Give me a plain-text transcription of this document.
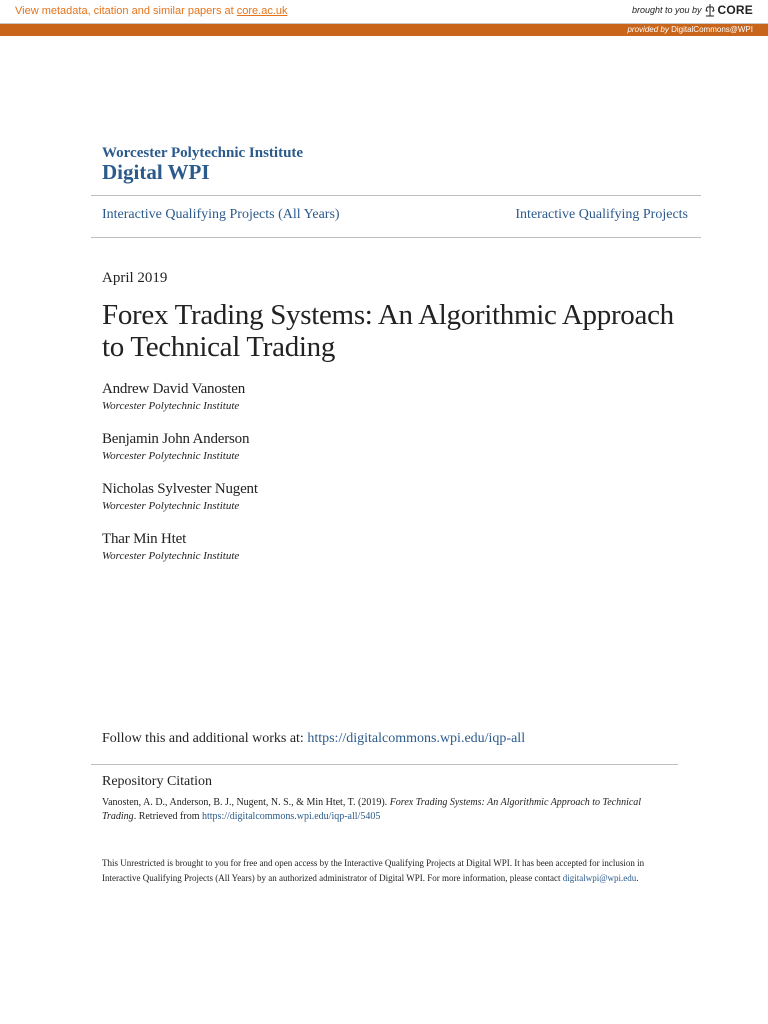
View metadata, citation and similar papers at core.ac.uk	brought to you by CORE
provided by DigitalCommons@WPI
Worcester Polytechnic Institute
Digital WPI
Interactive Qualifying Projects (All Years)	Interactive Qualifying Projects
April 2019
Forex Trading Systems: An Algorithmic Approach to Technical Trading
Andrew David Vanosten
Worcester Polytechnic Institute
Benjamin John Anderson
Worcester Polytechnic Institute
Nicholas Sylvester Nugent
Worcester Polytechnic Institute
Thar Min Htet
Worcester Polytechnic Institute
Follow this and additional works at: https://digitalcommons.wpi.edu/iqp-all
Repository Citation
Vanosten, A. D., Anderson, B. J., Nugent, N. S., & Min Htet, T. (2019). Forex Trading Systems: An Algorithmic Approach to Technical Trading. Retrieved from https://digitalcommons.wpi.edu/iqp-all/5405
This Unrestricted is brought to you for free and open access by the Interactive Qualifying Projects at Digital WPI. It has been accepted for inclusion in Interactive Qualifying Projects (All Years) by an authorized administrator of Digital WPI. For more information, please contact digitalwpi@wpi.edu.
